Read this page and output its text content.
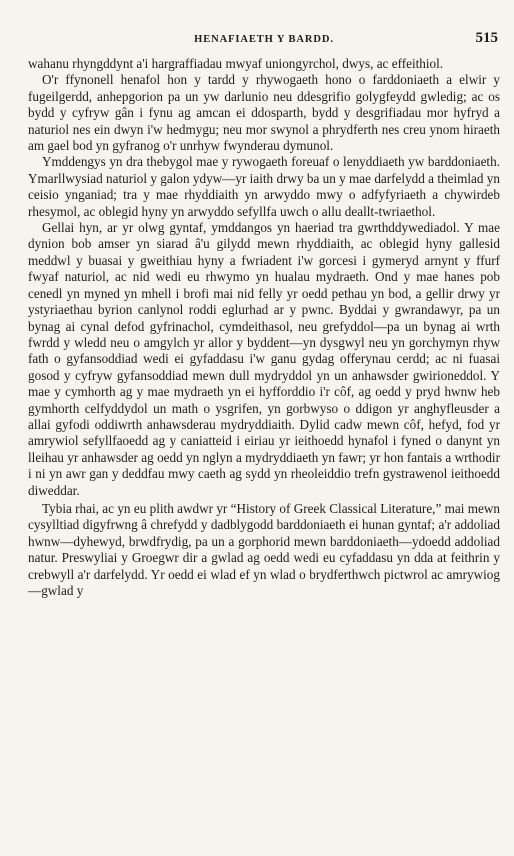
HENAFIAETH Y BARDD.	515

wahanu rhyngddynt a'i hargraffiadau mwyaf uniongyrchol, dwys, ac effeithiol.

O'r ffynonell henafol hon y tardd y rhywogaeth hono o farddoniaeth a elwir y fugeilgerdd, anhepgorion pa un yw darlunio neu ddesgrifio golygfeydd gwledig; ac os bydd y cyfryw gân i fynu ag amcan ei ddosparth, bydd y desgrifiadau mor hyfryd a naturiol nes ein dwyn i'w hedmygu; neu mor swynol a phrydferth nes creu ynom hiraeth am gael bod yn gyfranog o'r unrhyw fwynderau dymunol.

Ymddengys yn dra thebygol mae y rywogaeth foreuaf o lenyddiaeth yw barddoniaeth. Ymarllwysiad naturiol y galon ydyw—yr iaith drwy ba un y mae darfelydd a theimlad yn ceisio ynganiad; tra y mae rhyddiaith yn arwyddo mwy o adfyfyriaeth a chywirdeb rhesymol, ac oblegid hyny yn arwyddo sefyllfa uwch o allu deallt-twriaethol.

Gellai hyn, ar yr olwg gyntaf, ymddangos yn haeriad tra gwrthddywediadol. Y mae dynion bob amser yn siarad â'u gilydd mewn rhyddiaith, ac oblegid hyny gallesid meddwl y buasai y gweithiau hyny a fwriadent i'w gorcesi i gymeryd arnynt y ffurf fwyaf naturiol, ac nid wedi eu rhwymo yn hualau mydraeth. Ond y mae hanes pob cenedl yn myned yn mhell i brofi mai nid felly yr oedd pethau yn bod, a gellir drwy yr ystyriaethau byrion canlynol roddi eglurhad ar y pwnc. Byddai y gwrandawyr, pa un bynag ai cynal defod gyfrinachol, cymdeithasol, neu grefyddol—pa un bynag ai wrth fwrdd y wledd neu o amgylch yr allor y byddent—yn dysgwyl neu yn gorchymyn rhyw fath o gyfansoddiad wedi ei gyfaddasu i'w ganu gydag offerynau cerdd; ac ni fuasai gosod y cyfryw gyfansoddiad mewn dull mydryddol yn un anhawsder gwirioneddol. Y mae y cymhorth ag y mae mydraeth yn ei hyfforddio i'r côf, ag oedd y pryd hwnw heb gymhorth celfyddydol un math o ysgrifen, yn gorbwyso o ddigon yr anghyfleusder a allai gyfodi oddiwrth anhawsderau mydryddiaith. Dylid cadw mewn côf, hefyd, fod yr amrywiol sefyllfaoedd ag y caniatteid i eiriau yr ieithoedd hynafol i fyned o danynt yn lleihau yr anhawsder ag oedd yn nglyn a mydryddiaeth yn fawr; yr hon fantais a wrthodir i ni yn awr gan y deddfau mwy caeth ag sydd yn rheoleiddio trefn gystrawenol ieithoedd diweddar.

Tybia rhai, ac yn eu plith awdwr yr “History of Greek Classical Literature,” mai mewn cysylltiad digyfrwng â chrefydd y dadblygodd barddoniaeth ei hunan gyntaf; a'r addoliad hwnw—dyhewyd, brwdfrydig, pa un a gorphorid mewn barddoniaeth—ydoedd addoliad natur. Preswyliai y Groegwr dir a gwlad ag oedd wedi eu cyfaddasu yn dda at feithrin y crebwyll a'r darfelydd. Yr oedd ei wlad ef yn wlad o brydferthwch pictwrol ac amrywiog—gwlad y
